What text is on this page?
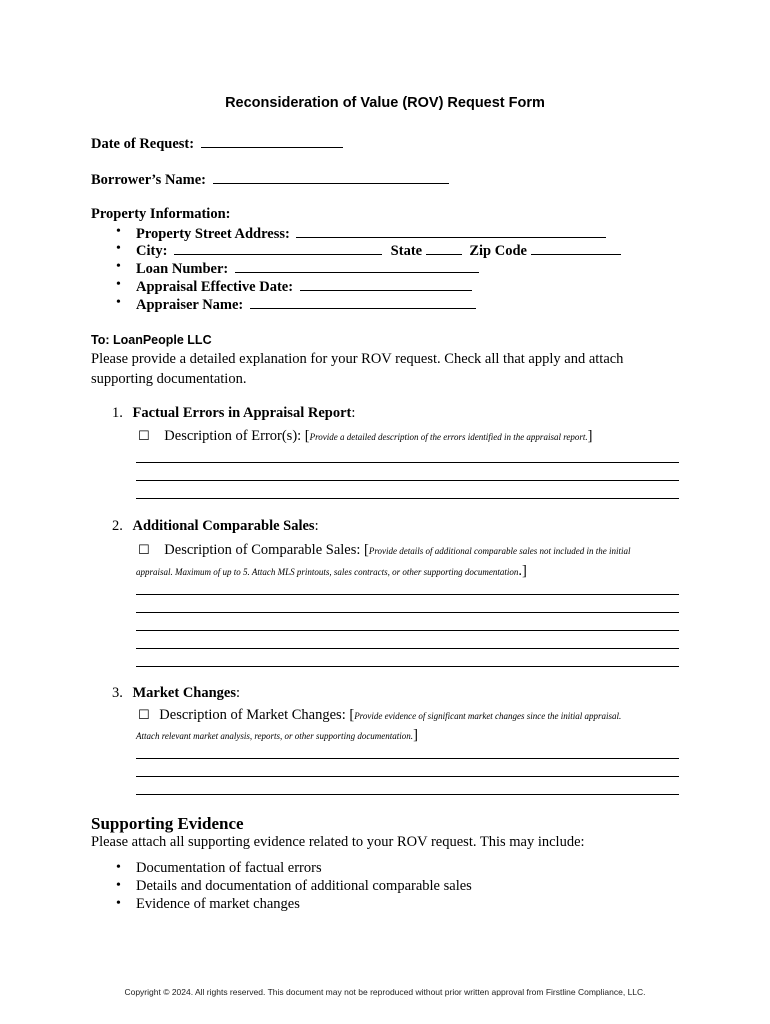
Reconsideration of Value (ROV) Request Form
Date of Request:
Borrower’s Name:
Property Information:
• Property Street Address:
• City:	State	Zip Code
• Loan Number:
• Appraisal Effective Date:
• Appraiser Name:
To: LoanPeople LLC
Please provide a detailed explanation for your ROV request. Check all that apply and attach
supporting documentation.
1. Factual Errors in Appraisal Report:
☐ Description of Error(s): [Provide a detailed description of the errors identified in the appraisal report.]
2. Additional Comparable Sales:
☐ Description of Comparable Sales: [Provide details of additional comparable sales not included in the initial
appraisal. Maximum of up to 5. Attach MLS printouts, sales contracts, or other supporting documentation.]
3. Market Changes:
☐ Description of Market Changes: [Provide evidence of significant market changes since the initial appraisal.
Attach relevant market analysis, reports, or other supporting documentation.]
Supporting Evidence
Please attach all supporting evidence related to your ROV request. This may include:
• Documentation of factual errors
• Details and documentation of additional comparable sales
• Evidence of market changes
Copyright © 2024. All rights reserved. This document may not be reproduced without prior written approval from Firstline Compliance, LLC.
